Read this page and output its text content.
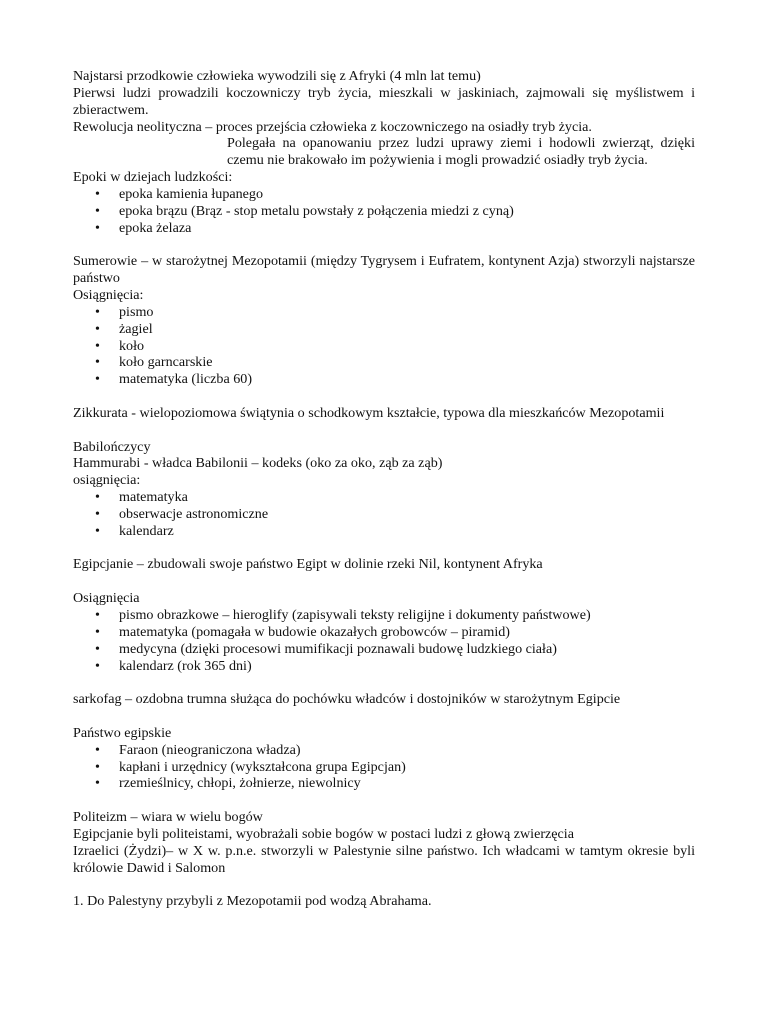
Najstarsi przodkowie człowieka wywodzili się z Afryki (4 mln lat temu)

Pierwsi ludzi prowadzili koczowniczy tryb życia, mieszkali w jaskiniach, zajmowali się myślistwem i zbieractwem.

Rewolucja neolityczna – proces przejścia człowieka z koczowniczego na osiadły tryb życia.

Polegała na opanowaniu przez ludzi uprawy ziemi i hodowli zwierząt, dzięki czemu nie brakowało im pożywienia i mogli prowadzić osiadły tryb życia.

Epoki w dziejach ludzkości:

• epoka kamienia łupanego
• epoka brązu (Brąz - stop metalu powstały z połączenia miedzi z cyną)
• epoka żelaza

Sumerowie – w starożytnej Mezopotamii (między Tygrysem i Eufratem, kontynent Azja) stworzyli najstarsze państwo

Osiągnięcia:

• pismo
• żagiel
• koło
• koło garncarskie
• matematyka (liczba 60)

Zikkurata - wielopoziomowa świątynia o schodkowym kształcie, typowa dla mieszkańców Mezopotamii

Babilończycy

Hammurabi - władca Babilonii – kodeks (oko za oko, ząb za ząb)

osiągnięcia:

• matematyka
• obserwacje astronomiczne
• kalendarz

Egipcjanie – zbudowali swoje państwo Egipt w dolinie rzeki Nil, kontynent Afryka

Osiągnięcia

• pismo obrazkowe – hieroglify (zapisywali teksty religijne i dokumenty państwowe)
• matematyka (pomagała w budowie okazałych grobowców – piramid)
• medycyna (dzięki procesowi mumifikacji poznawali budowę ludzkiego ciała)
• kalendarz (rok 365 dni)

sarkofag – ozdobna trumna służąca do pochówku władców i dostojników w starożytnym Egipcie

Państwo egipskie

• Faraon (nieograniczona władza)
• kapłani i urzędnicy (wykształcona grupa Egipcjan)
• rzemieślnicy, chłopi, żołnierze, niewolnicy

Politeizm – wiara w wielu bogów

Egipcjanie byli politeistami, wyobrażali sobie bogów w postaci ludzi z głową zwierzęcia

Izraelici (Żydzi)– w X w. p.n.e. stworzyli w Palestynie silne państwo. Ich władcami w tamtym okresie byli królowie Dawid i Salomon

1. Do Palestyny przybyli z Mezopotamii pod wodzą Abrahama.
